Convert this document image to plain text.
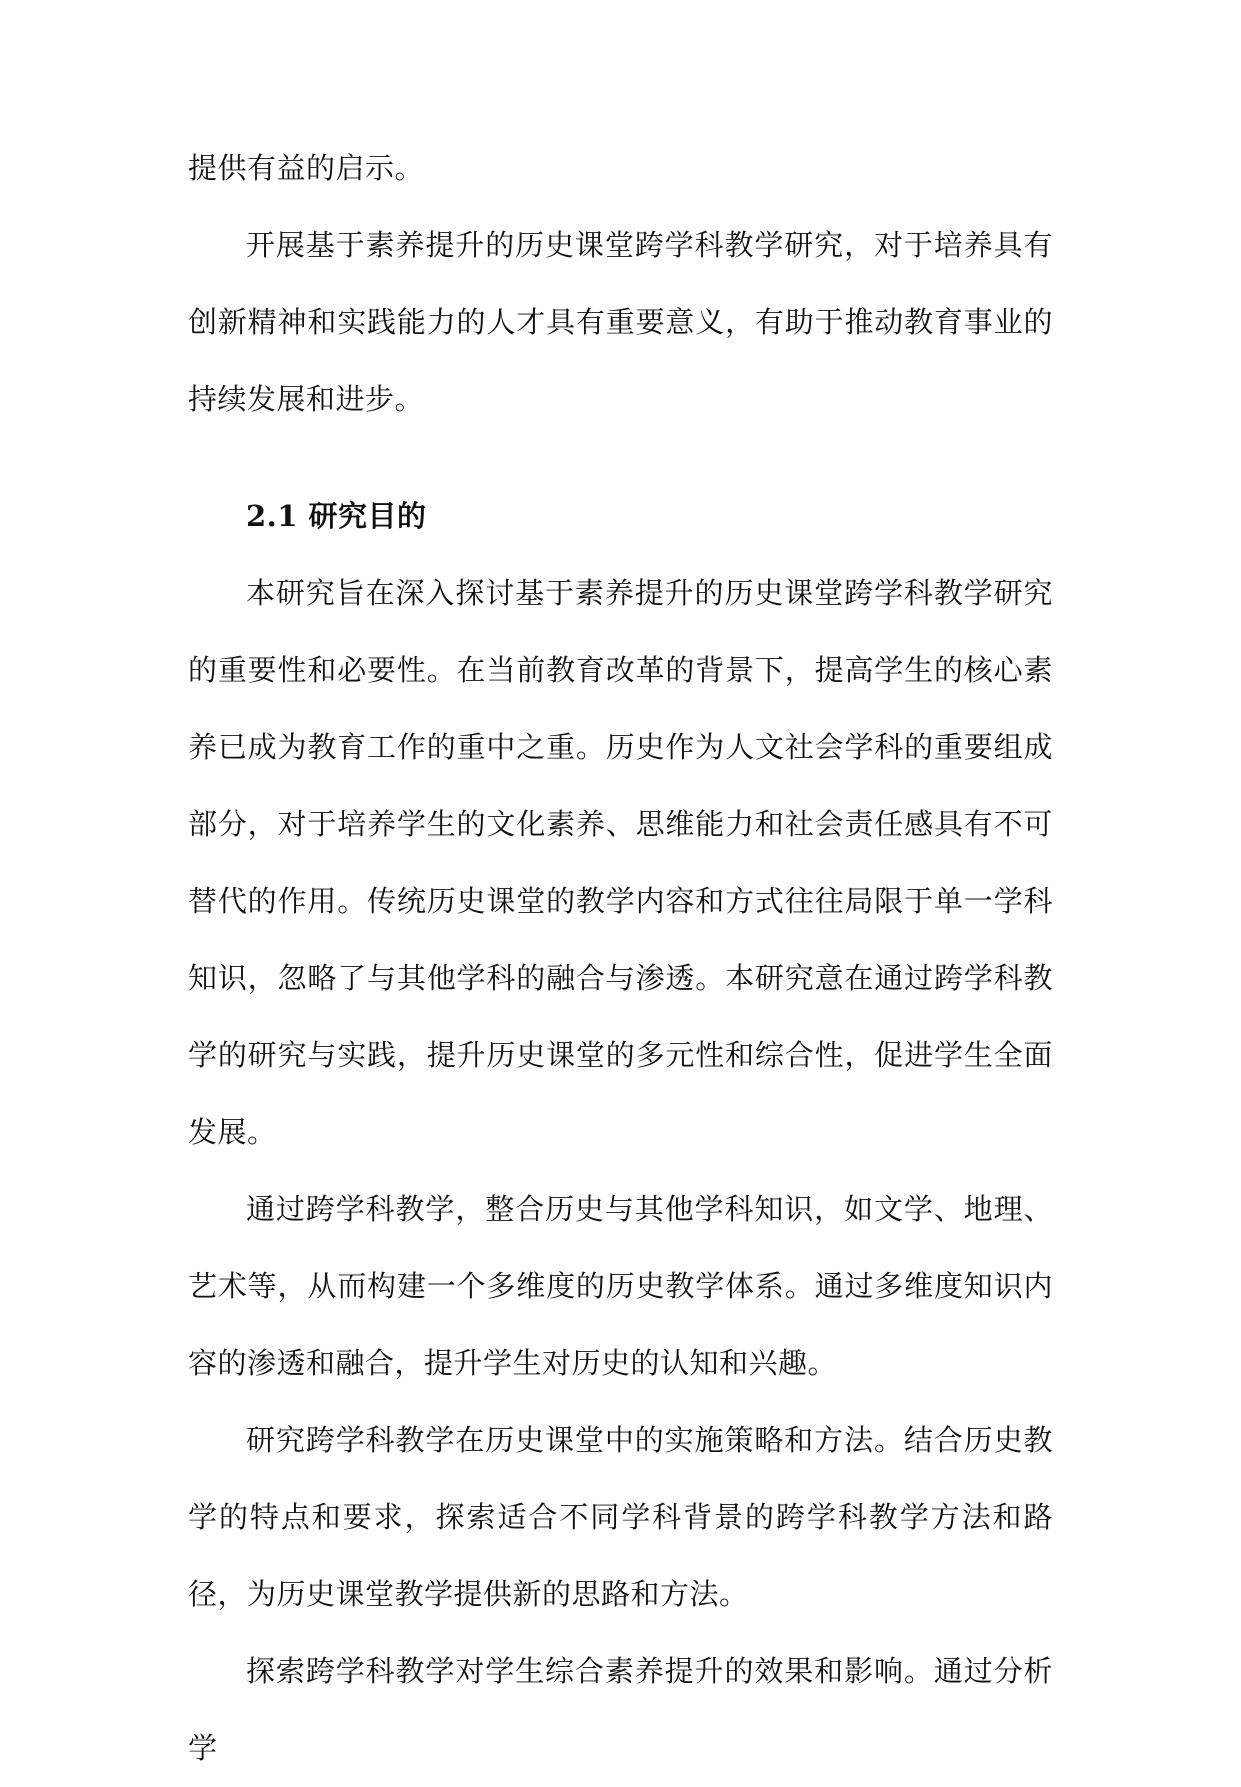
提供有益的启示。

开展基于素养提升的历史课堂跨学科教学研究，对于培养具有创新精神和实践能力的人才具有重要意义，有助于推动教育事业的持续发展和进步。

2.1 研究目的

本研究旨在深入探讨基于素养提升的历史课堂跨学科教学研究的重要性和必要性。在当前教育改革的背景下，提高学生的核心素养已成为教育工作的重中之重。历史作为人文社会学科的重要组成部分，对于培养学生的文化素养、思维能力和社会责任感具有不可替代的作用。传统历史课堂的教学内容和方式往往局限于单一学科知识，忽略了与其他学科的融合与渗透。本研究意在通过跨学科教学的研究与实践，提升历史课堂的多元性和综合性，促进学生全面发展。

通过跨学科教学，整合历史与其他学科知识，如文学、地理、艺术等，从而构建一个多维度的历史教学体系。通过多维度知识内容的渗透和融合，提升学生对历史的认知和兴趣。

研究跨学科教学在历史课堂中的实施策略和方法。结合历史教学的特点和要求，探索适合不同学科背景的跨学科教学方法和路径，为历史课堂教学提供新的思路和方法。

探索跨学科教学对学生综合素养提升的效果和影响。通过分析学
